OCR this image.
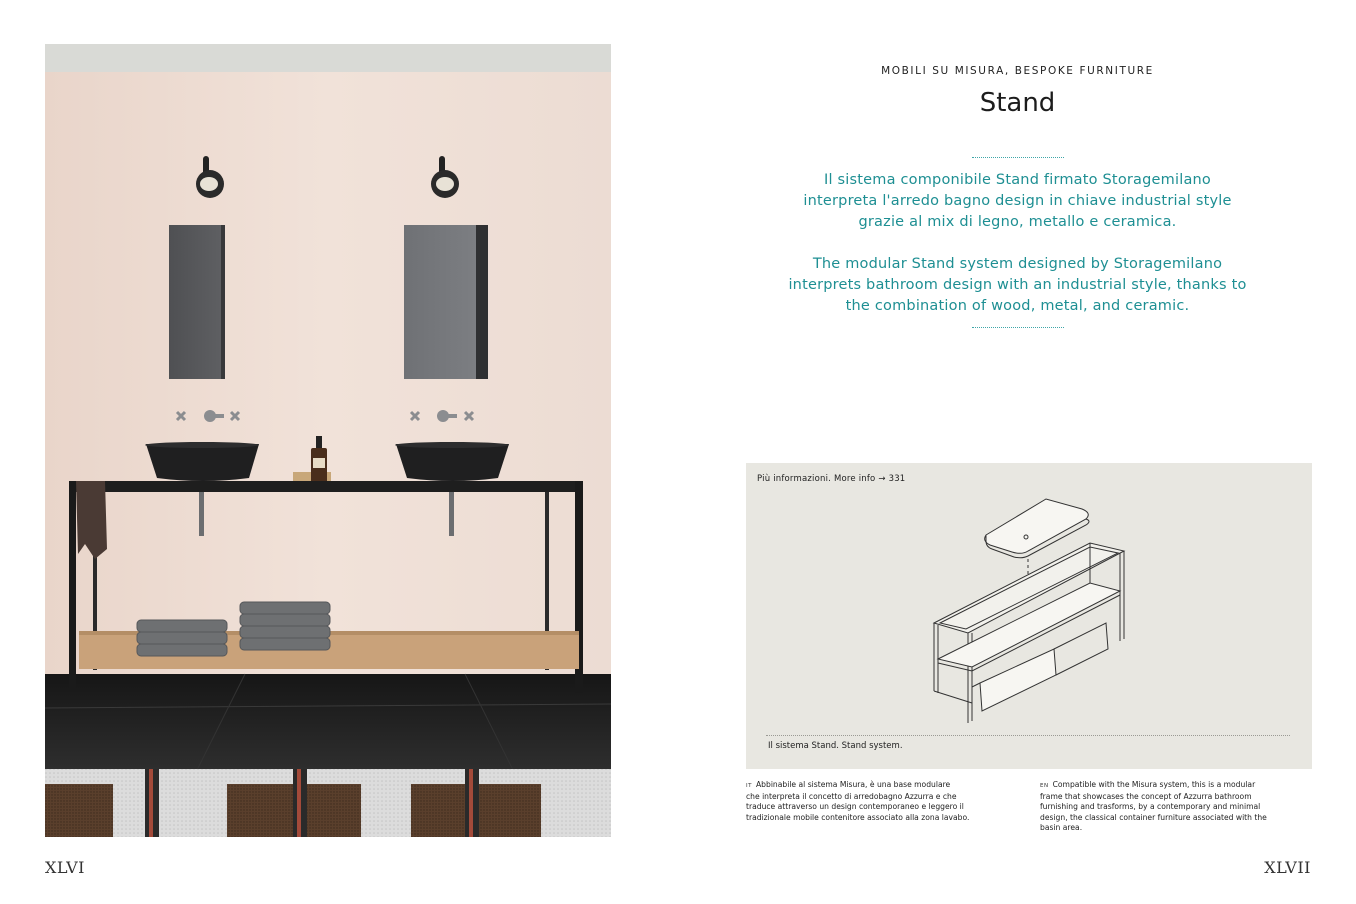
XLVI
MOBILI SU MISURA, BESPOKE FURNITURE
Stand
Il sistema componibile Stand firmato Storagemilano
interpreta l'arredo bagno design in chiave industrial style
grazie al mix di legno, metallo e ceramica.
The modular Stand system designed by Storagemilano
interprets bathroom design with an industrial style, thanks to
the combination of wood, metal, and ceramic.
Più informazioni. More info → 331
Il sistema Stand. Stand system.
IT Abbinabile al sistema Misura, è una base modulare
che interpreta il concetto di arredobagno Azzurra e che
traduce attraverso un design contemporaneo e leggero il
tradizionale mobile contenitore associato alla zona lavabo.
EN Compatible with the Misura system, this is a modular
frame that showcases the concept of Azzurra bathroom
furnishing and trasforms, by a contemporary and minimal
design, the classical container furniture associated with the
basin area.
XLVII
